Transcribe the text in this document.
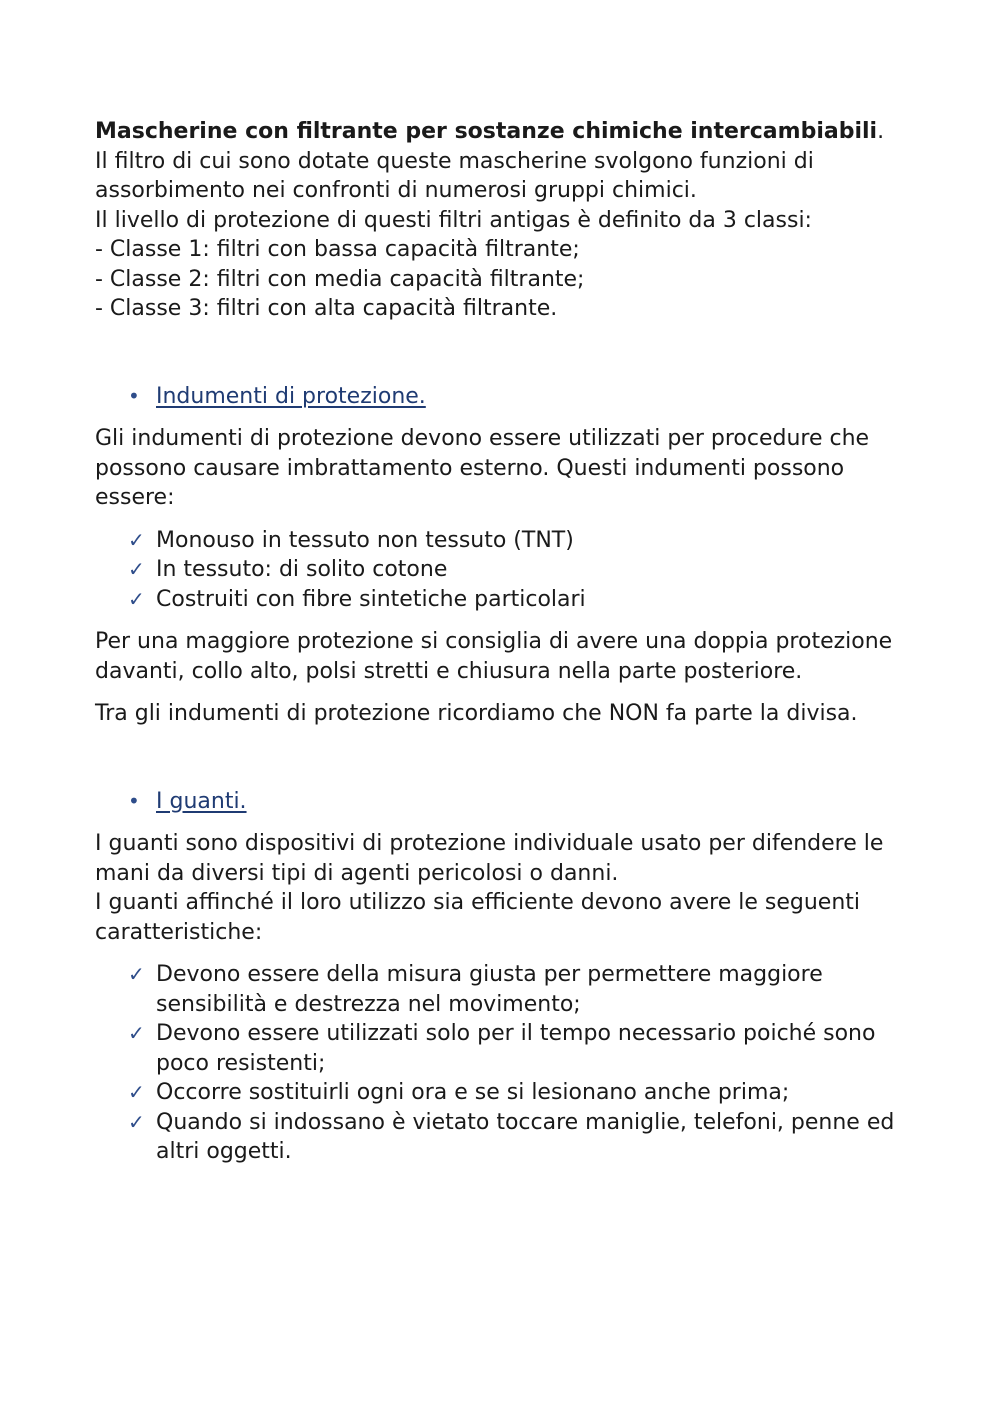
Mascherine con filtrante per sostanze chimiche intercambiabili.

Il filtro di cui sono dotate queste mascherine svolgono funzioni di assorbimento nei confronti di numerosi gruppi chimici.

Il livello di protezione di questi filtri antigas è definito da 3 classi:

- Classe 1: filtri con bassa capacità filtrante;

- Classe 2: filtri con media capacità filtrante;

- Classe 3: filtri con alta capacità filtrante.

• Indumenti di protezione.

Gli indumenti di protezione devono essere utilizzati per procedure che possono causare imbrattamento esterno. Questi indumenti possono essere:

✓ Monouso in tessuto non tessuto (TNT)
✓ In tessuto: di solito cotone
✓ Costruiti con fibre sintetiche particolari

Per una maggiore protezione si consiglia di avere una doppia protezione davanti, collo alto, polsi stretti e chiusura nella parte posteriore.

Tra gli indumenti di protezione ricordiamo che NON fa parte la divisa.

• I guanti.

I guanti sono dispositivi di protezione individuale usato per difendere le mani da diversi tipi di agenti pericolosi o danni.

I guanti affinché il loro utilizzo sia efficiente devono avere le seguenti caratteristiche:

✓ Devono essere della misura giusta per permettere maggiore sensibilità e destrezza nel movimento;
✓ Devono essere utilizzati solo per il tempo necessario poiché sono poco resistenti;
✓ Occorre sostituirli ogni ora e se si lesionano anche prima;
✓ Quando si indossano è vietato toccare maniglie, telefoni, penne ed altri oggetti.
